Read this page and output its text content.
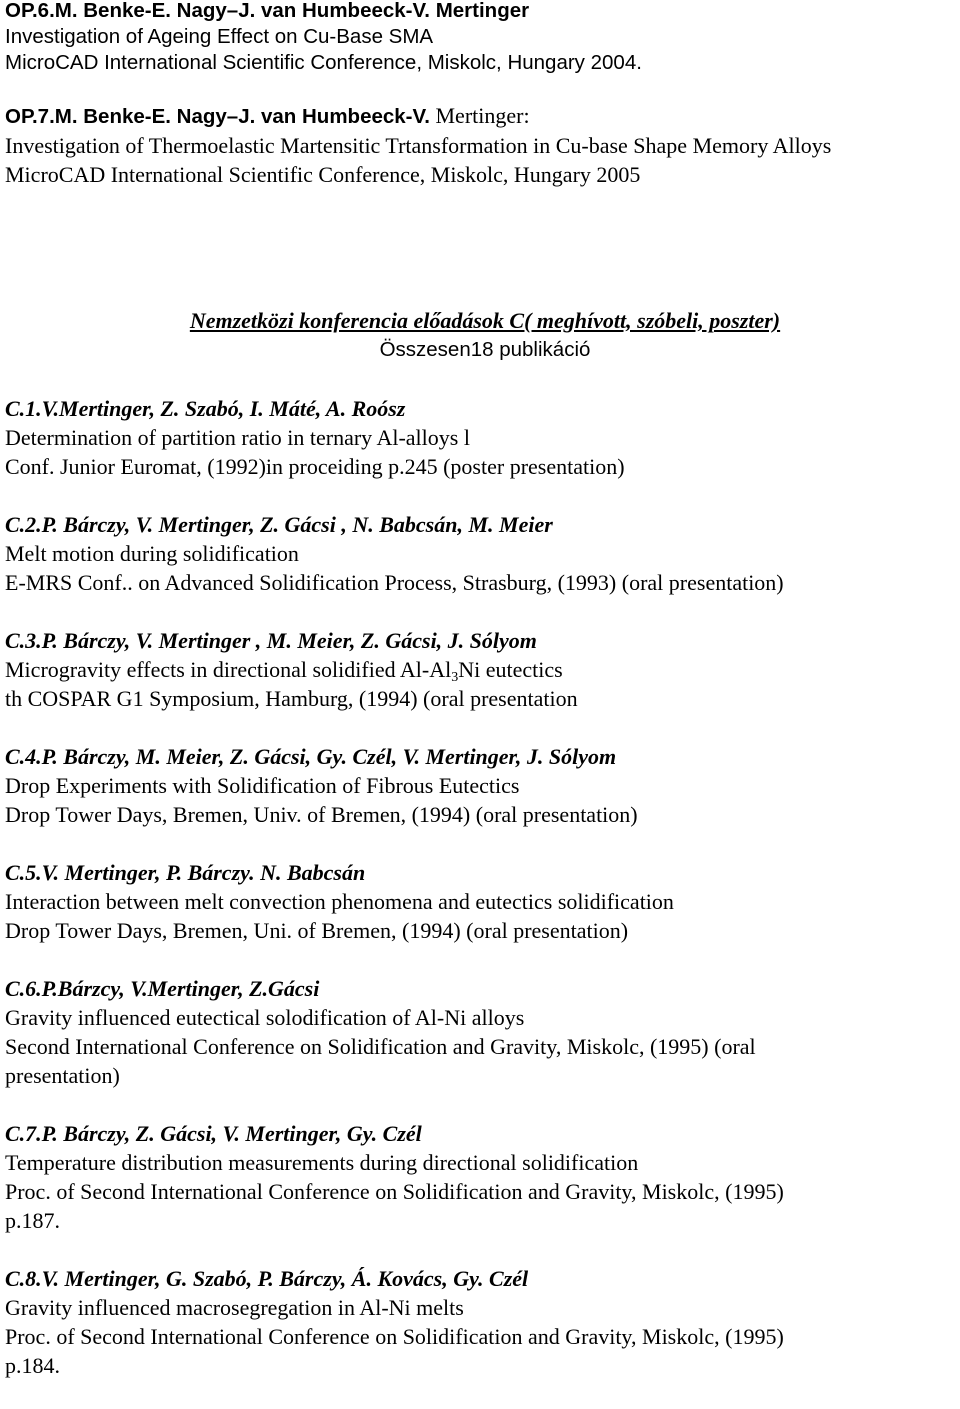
OP.6.M. Benke-E. Nagy–J. van Humbeeck-V. Mertinger
Investigation of Ageing Effect on Cu-Base SMA
MicroCAD International Scientific Conference, Miskolc, Hungary 2004.
OP.7.M. Benke-E. Nagy–J. van Humbeeck-V. Mertinger:
Investigation of Thermoelastic Martensitic Trtansformation in Cu-base Shape Memory Alloys
MicroCAD International Scientific Conference, Miskolc, Hungary 2005
Nemzetközi konferencia előadások C( meghívott, szóbeli, poszter)
Összesen18 publikáció
C.1.V.Mertinger, Z. Szabó, I. Máté, A. Roósz
Determination of partition ratio in ternary Al-alloys l
Conf. Junior Euromat, (1992)in proceiding p.245 (poster presentation)
C.2.P. Bárczy, V. Mertinger, Z. Gácsi , N. Babcsán, M. Meier
Melt motion during solidification
E-MRS Conf.. on Advanced Solidification Process, Strasburg, (1993) (oral presentation)
C.3.P. Bárczy, V. Mertinger , M. Meier, Z. Gácsi, J. Sólyom
Microgravity effects in directional solidified $Al-Al_3Ni$ eutectics
th COSPAR G1 Symposium, Hamburg, (1994) (oral presentation
C.4.P. Bárczy, M. Meier, Z. Gácsi, Gy. Czél, V. Mertinger, J. Sólyom
Drop Experiments with Solidification of Fibrous Eutectics
Drop Tower Days, Bremen, Univ. of Bremen, (1994) (oral presentation)
C.5.V. Mertinger, P. Bárczy. N. Babcsán
Interaction between melt convection phenomena and eutectics solidification
Drop Tower Days, Bremen, Uni. of Bremen, (1994) (oral presentation)
C.6.P.Bárzcy, V.Mertinger, Z.Gácsi
Gravity influenced eutectical solodification of Al-Ni alloys
Second International Conference on Solidification and Gravity, Miskolc, (1995) (oral
presentation)
C.7.P. Bárczy, Z. Gácsi, V. Mertinger, Gy. Czél
Temperature distribution measurements during directional solidification
Proc. of Second International Conference on Solidification and Gravity, Miskolc, (1995)
p.187.
C.8.V. Mertinger, G. Szabó, P. Bárczy, Á. Kovács, Gy. Czél
Gravity influenced macrosegregation in Al-Ni melts
Proc. of Second International Conference on Solidification and Gravity, Miskolc, (1995)
p.184.
